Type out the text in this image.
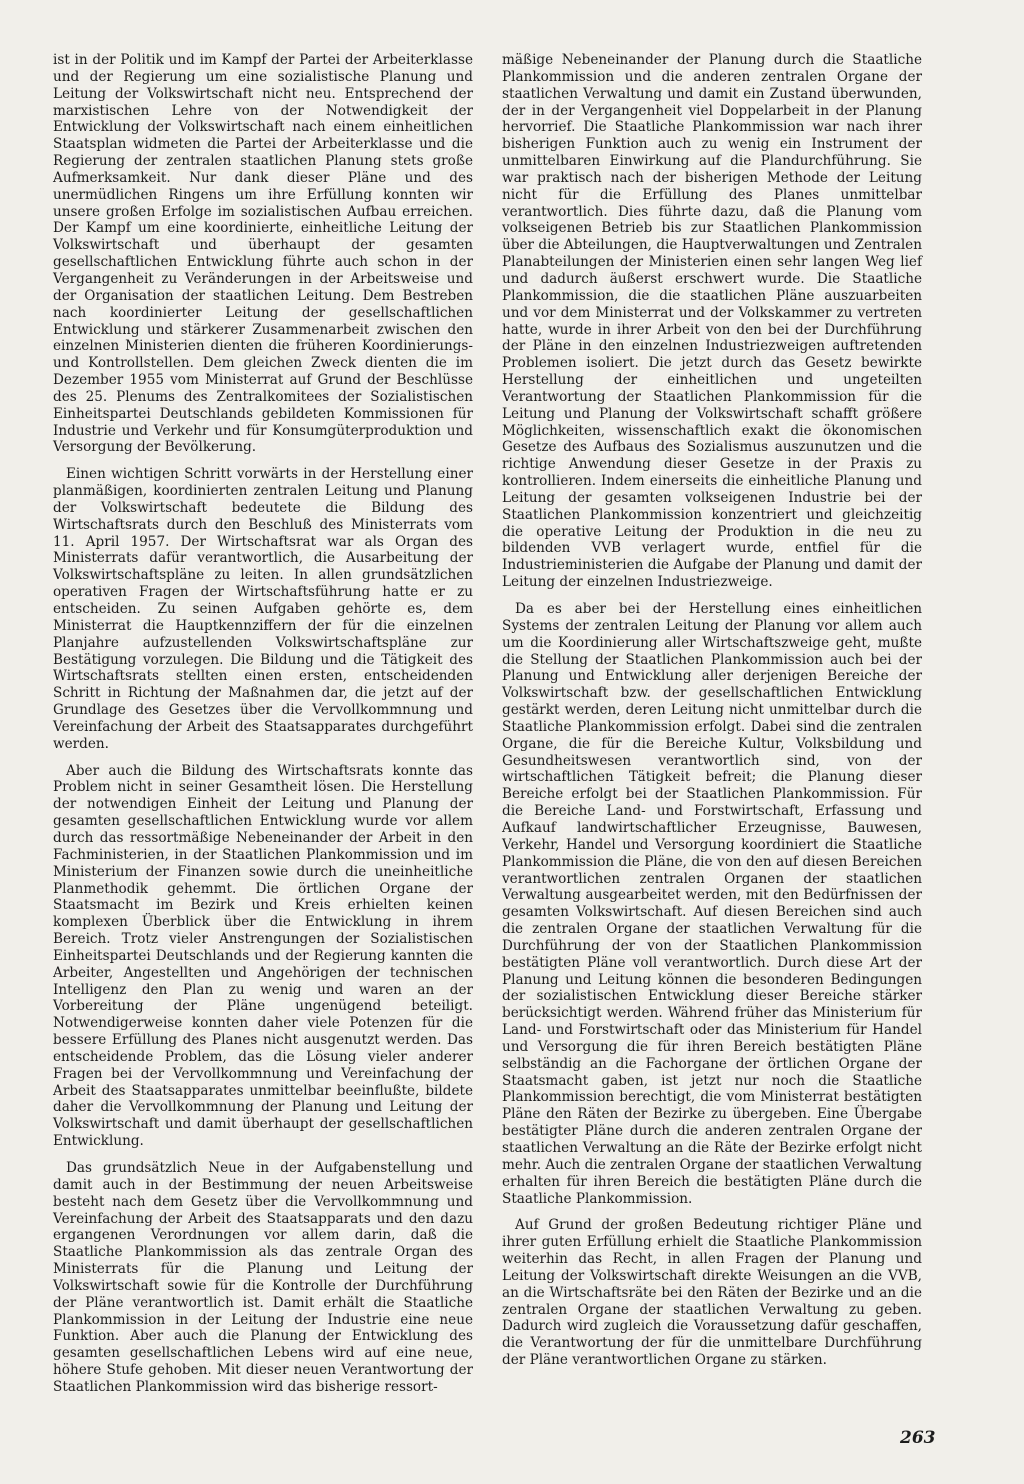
ist in der Politik und im Kampf der Partei der Arbeiterklasse und der Regierung um eine sozialistische Planung und Leitung der Volkswirtschaft nicht neu. Entsprechend der marxistischen Lehre von der Notwendigkeit der Entwicklung der Volkswirtschaft nach einem einheitlichen Staatsplan widmeten die Partei der Arbeiterklasse und die Regierung der zentralen staatlichen Planung stets große Aufmerksamkeit. Nur dank dieser Pläne und des unermüdlichen Ringens um ihre Erfüllung konnten wir unsere großen Erfolge im sozialistischen Aufbau erreichen. Der Kampf um eine koordinierte, einheitliche Leitung der Volkswirtschaft und überhaupt der gesamten gesellschaftlichen Entwicklung führte auch schon in der Vergangenheit zu Veränderungen in der Arbeitsweise und der Organisation der staatlichen Leitung. Dem Bestreben nach koordinierter Leitung der gesellschaftlichen Entwicklung und stärkerer Zusammenarbeit zwischen den einzelnen Ministerien dienten die früheren Koordinierungs- und Kontrollstellen. Dem gleichen Zweck dienten die im Dezember 1955 vom Ministerrat auf Grund der Beschlüsse des 25. Plenums des Zentralkomitees der Sozialistischen Einheitspartei Deutschlands gebildeten Kommissionen für Industrie und Verkehr und für Konsumgüterproduktion und Versorgung der Bevölkerung.

Einen wichtigen Schritt vorwärts in der Herstellung einer planmäßigen, koordinierten zentralen Leitung und Planung der Volkswirtschaft bedeutete die Bildung des Wirtschaftsrats durch den Beschluß des Ministerrats vom 11. April 1957. Der Wirtschaftsrat war als Organ des Ministerrats dafür verantwortlich, die Ausarbeitung der Volkswirtschaftspläne zu leiten. In allen grundsätzlichen operativen Fragen der Wirtschaftsführung hatte er zu entscheiden. Zu seinen Aufgaben gehörte es, dem Ministerrat die Hauptkennziffern der für die einzelnen Planjahre aufzustellenden Volkswirtschaftspläne zur Bestätigung vorzulegen. Die Bildung und die Tätigkeit des Wirtschaftsrats stellten einen ersten, entscheidenden Schritt in Richtung der Maßnahmen dar, die jetzt auf der Grundlage des Gesetzes über die Vervollkommnung und Vereinfachung der Arbeit des Staatsapparates durchgeführt werden.

Aber auch die Bildung des Wirtschaftsrats konnte das Problem nicht in seiner Gesamtheit lösen. Die Herstellung der notwendigen Einheit der Leitung und Planung der gesamten gesellschaftlichen Entwicklung wurde vor allem durch das ressortmäßige Nebeneinander der Arbeit in den Fachministerien, in der Staatlichen Plankommission und im Ministerium der Finanzen sowie durch die uneinheitliche Planmethodik gehemmt. Die örtlichen Organe der Staatsmacht im Bezirk und Kreis erhielten keinen komplexen Überblick über die Entwicklung in ihrem Bereich. Trotz vieler Anstrengungen der Sozialistischen Einheitspartei Deutschlands und der Regierung kannten die Arbeiter, Angestellten und Angehörigen der technischen Intelligenz den Plan zu wenig und waren an der Vorbereitung der Pläne ungenügend beteiligt. Notwendigerweise konnten daher viele Potenzen für die bessere Erfüllung des Planes nicht ausgenutzt werden. Das entscheidende Problem, das die Lösung vieler anderer Fragen bei der Vervollkommnung und Vereinfachung der Arbeit des Staatsapparates unmittelbar beeinflußte, bildete daher die Vervollkommnung der Planung und Leitung der Volkswirtschaft und damit überhaupt der gesellschaftlichen Entwicklung.

Das grundsätzlich Neue in der Aufgabenstellung und damit auch in der Bestimmung der neuen Arbeitsweise besteht nach dem Gesetz über die Vervollkommnung und Vereinfachung der Arbeit des Staatsapparats und den dazu ergangenen Verordnungen vor allem darin, daß die Staatliche Plankommission als das zentrale Organ des Ministerrats für die Planung und Leitung der Volkswirtschaft sowie für die Kontrolle der Durchführung der Pläne verantwortlich ist. Damit erhält die Staatliche Plankommission in der Leitung der Industrie eine neue Funktion. Aber auch die Planung der Entwicklung des gesamten gesellschaftlichen Lebens wird auf eine neue, höhere Stufe gehoben. Mit dieser neuen Verantwortung der Staatlichen Plankommission wird das bisherige ressort-

mäßige Nebeneinander der Planung durch die Staatliche Plankommission und die anderen zentralen Organe der staatlichen Verwaltung und damit ein Zustand überwunden, der in der Vergangenheit viel Doppelarbeit in der Planung hervorrief. Die Staatliche Plankommission war nach ihrer bisherigen Funktion auch zu wenig ein Instrument der unmittelbaren Einwirkung auf die Plandurchführung. Sie war praktisch nach der bisherigen Methode der Leitung nicht für die Erfüllung des Planes unmittelbar verantwortlich. Dies führte dazu, daß die Planung vom volkseigenen Betrieb bis zur Staatlichen Plankommission über die Abteilungen, die Hauptverwaltungen und Zentralen Planabteilungen der Ministerien einen sehr langen Weg lief und dadurch äußerst erschwert wurde. Die Staatliche Plankommission, die die staatlichen Pläne auszuarbeiten und vor dem Ministerrat und der Volkskammer zu vertreten hatte, wurde in ihrer Arbeit von den bei der Durchführung der Pläne in den einzelnen Industriezweigen auftretenden Problemen isoliert. Die jetzt durch das Gesetz bewirkte Herstellung der einheitlichen und ungeteilten Verantwortung der Staatlichen Plankommission für die Leitung und Planung der Volkswirtschaft schafft größere Möglichkeiten, wissenschaftlich exakt die ökonomischen Gesetze des Aufbaus des Sozialismus auszunutzen und die richtige Anwendung dieser Gesetze in der Praxis zu kontrollieren. Indem einerseits die einheitliche Planung und Leitung der gesamten volkseigenen Industrie bei der Staatlichen Plankommission konzentriert und gleichzeitig die operative Leitung der Produktion in die neu zu bildenden VVB verlagert wurde, entfiel für die Industrieministerien die Aufgabe der Planung und damit der Leitung der einzelnen Industriezweige.

Da es aber bei der Herstellung eines einheitlichen Systems der zentralen Leitung der Planung vor allem auch um die Koordinierung aller Wirtschaftszweige geht, mußte die Stellung der Staatlichen Plankommission auch bei der Planung und Entwicklung aller derjenigen Bereiche der Volkswirtschaft bzw. der gesellschaftlichen Entwicklung gestärkt werden, deren Leitung nicht unmittelbar durch die Staatliche Plankommission erfolgt. Dabei sind die zentralen Organe, die für die Bereiche Kultur, Volksbildung und Gesundheitswesen verantwortlich sind, von der wirtschaftlichen Tätigkeit befreit; die Planung dieser Bereiche erfolgt bei der Staatlichen Plankommission. Für die Bereiche Land- und Forstwirtschaft, Erfassung und Aufkauf landwirtschaftlicher Erzeugnisse, Bauwesen, Verkehr, Handel und Versorgung koordiniert die Staatliche Plankommission die Pläne, die von den auf diesen Bereichen verantwortlichen zentralen Organen der staatlichen Verwaltung ausgearbeitet werden, mit den Bedürfnissen der gesamten Volkswirtschaft. Auf diesen Bereichen sind auch die zentralen Organe der staatlichen Verwaltung für die Durchführung der von der Staatlichen Plankommission bestätigten Pläne voll verantwortlich. Durch diese Art der Planung und Leitung können die besonderen Bedingungen der sozialistischen Entwicklung dieser Bereiche stärker berücksichtigt werden. Während früher das Ministerium für Land- und Forstwirtschaft oder das Ministerium für Handel und Versorgung die für ihren Bereich bestätigten Pläne selbständig an die Fachorgane der örtlichen Organe der Staatsmacht gaben, ist jetzt nur noch die Staatliche Plankommission berechtigt, die vom Ministerrat bestätigten Pläne den Räten der Bezirke zu übergeben. Eine Übergabe bestätigter Pläne durch die anderen zentralen Organe der staatlichen Verwaltung an die Räte der Bezirke erfolgt nicht mehr. Auch die zentralen Organe der staatlichen Verwaltung erhalten für ihren Bereich die bestätigten Pläne durch die Staatliche Plankommission.

Auf Grund der großen Bedeutung richtiger Pläne und ihrer guten Erfüllung erhielt die Staatliche Plankommission weiterhin das Recht, in allen Fragen der Planung und Leitung der Volkswirtschaft direkte Weisungen an die VVB, an die Wirtschaftsräte bei den Räten der Bezirke und an die zentralen Organe der staatlichen Verwaltung zu geben. Dadurch wird zugleich die Voraussetzung dafür geschaffen, die Verantwortung der für die unmittelbare Durchführung der Pläne verantwortlichen Organe zu stärken.

263
